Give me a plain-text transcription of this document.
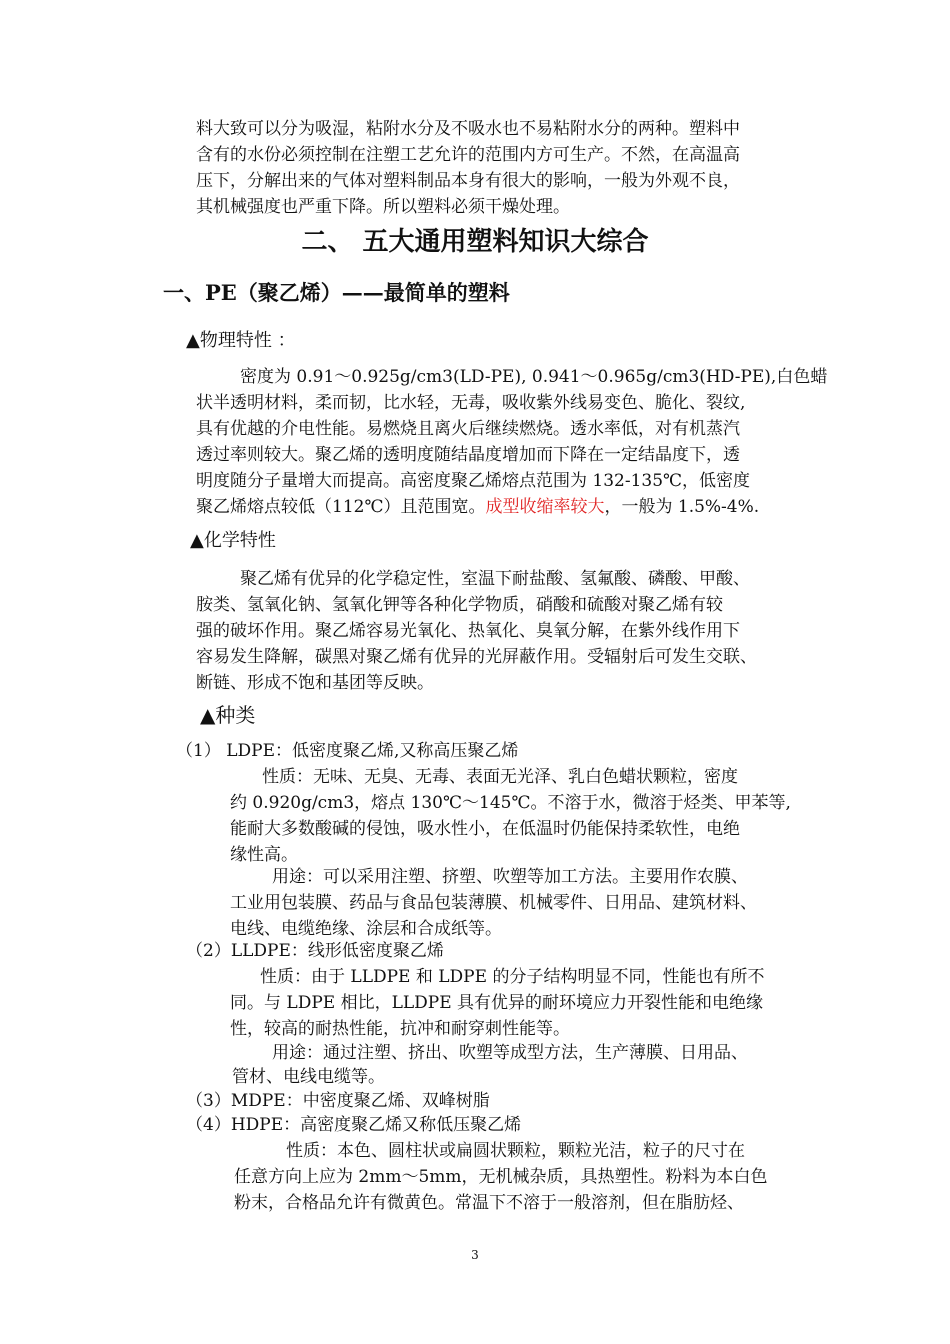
料大致可以分为吸湿，粘附水分及不吸水也不易粘附水分的两种。塑料中
含有的水份必须控制在注塑工艺允许的范围内方可生产。不然，在高温高
压下，分解出来的气体对塑料制品本身有很大的影响，一般为外观不良，
其机械强度也严重下降。所以塑料必须干燥处理。
二、 五大通用塑料知识大综合
一、PE（聚乙烯）——最简单的塑料
▲物理特性 ：
密度为 0.91～0.925g/cm3(LD-PE), 0.941～0.965g/cm3(HD-PE),白色蜡
状半透明材料，柔而韧，比水轻，无毒，吸收紫外线易变色、脆化、裂纹,
具有优越的介电性能。易燃烧且离火后继续燃烧。透水率低，对有机蒸汽
透过率则较大。聚乙烯的透明度随结晶度增加而下降在一定结晶度下，透
明度随分子量增大而提高。高密度聚乙烯熔点范围为 132-135℃，低密度
聚乙烯熔点较低（112℃）且范围宽。成型收缩率较大，一般为 1.5%-4%.
▲化学特性
聚乙烯有优异的化学稳定性，室温下耐盐酸、氢氟酸、磷酸、甲酸、
胺类、氢氧化钠、氢氧化钾等各种化学物质，硝酸和硫酸对聚乙烯有较
强的破坏作用。聚乙烯容易光氧化、热氧化、臭氧分解，在紫外线作用下
容易发生降解，碳黑对聚乙烯有优异的光屏蔽作用。受辐射后可发生交联、
断链、形成不饱和基团等反映。
▲种类
（1） LDPE：低密度聚乙烯,又称高压聚乙烯
性质：无味、无臭、无毒、表面无光泽、乳白色蜡状颗粒，密度
约 0.920g/cm3，熔点 130℃～145℃。不溶于水，微溶于烃类、甲苯等,
能耐大多数酸碱的侵蚀，吸水性小，在低温时仍能保持柔软性，电绝
缘性高。
用途：可以采用注塑、挤塑、吹塑等加工方法。主要用作农膜、
工业用包装膜、药品与食品包装薄膜、机械零件、日用品、建筑材料、
电线、电缆绝缘、涂层和合成纸等。
（2）LLDPE：线形低密度聚乙烯
性质：由于 LLDPE 和 LDPE 的分子结构明显不同，性能也有所不
同。与 LDPE 相比，LLDPE 具有优异的耐环境应力开裂性能和电绝缘
性，较高的耐热性能，抗冲和耐穿刺性能等。
用途：通过注塑、挤出、吹塑等成型方法，生产薄膜、日用品、
管材、电线电缆等。
（3）MDPE：中密度聚乙烯、双峰树脂
（4）HDPE：高密度聚乙烯又称低压聚乙烯
性质：本色、圆柱状或扁圆状颗粒，颗粒光洁，粒子的尺寸在
任意方向上应为 2mm～5mm，无机械杂质，具热塑性。粉料为本白色
粉末，合格品允许有微黄色。常温下不溶于一般溶剂，但在脂肪烃、
3
